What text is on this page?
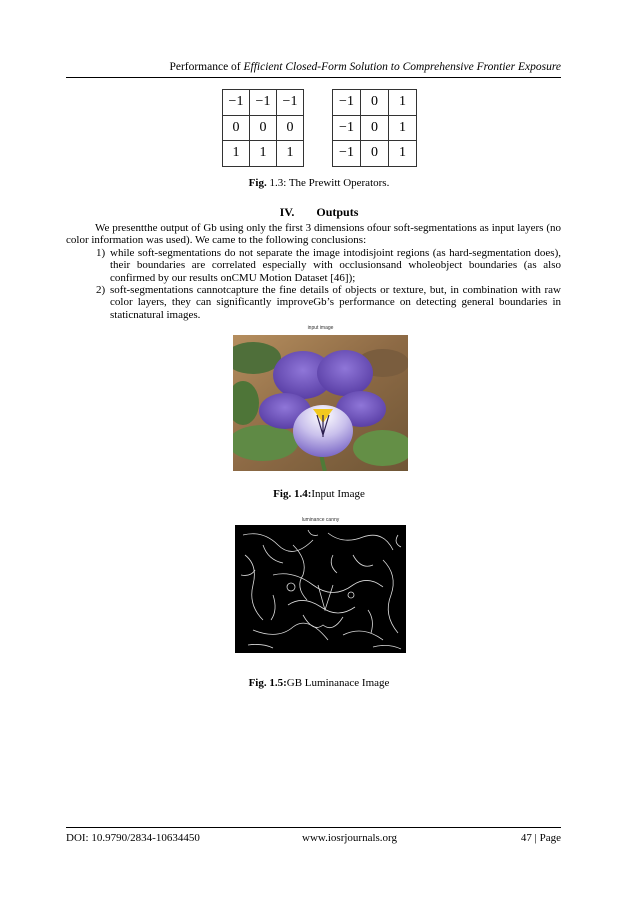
Performance of Efficient Closed-Form Solution to Comprehensive Frontier Exposure
−1	−1	−1
0	0	0
1	1	1
−1	0	1
−1	0	1
−1	0	1
Fig. 1.3: The Prewitt Operators.
IV. Outputs

We presentthe output of Gb using only the first 3 dimensions ofour soft-segmentations as input layers (no color information was used). We came to the following conclusions:

1) while soft-segmentations do not separate the image intodisjoint regions (as hard-segmentation does), their boundaries are correlated especially with occlusionsand wholeobject boundaries (as also confirmed by our results onCMU Motion Dataset [46]);
2) soft-segmentations cannotcapture the fine details of objects or texture, but, in combination with raw color layers, they can significantly improveGb’s performance on detecting general boundaries in staticnatural images.
input image
Fig. 1.4:Input Image
luminance canny
Fig. 1.5:GB Luminanace Image
DOI: 10.9790/2834-10634450	www.iosrjournals.org	47 | Page
